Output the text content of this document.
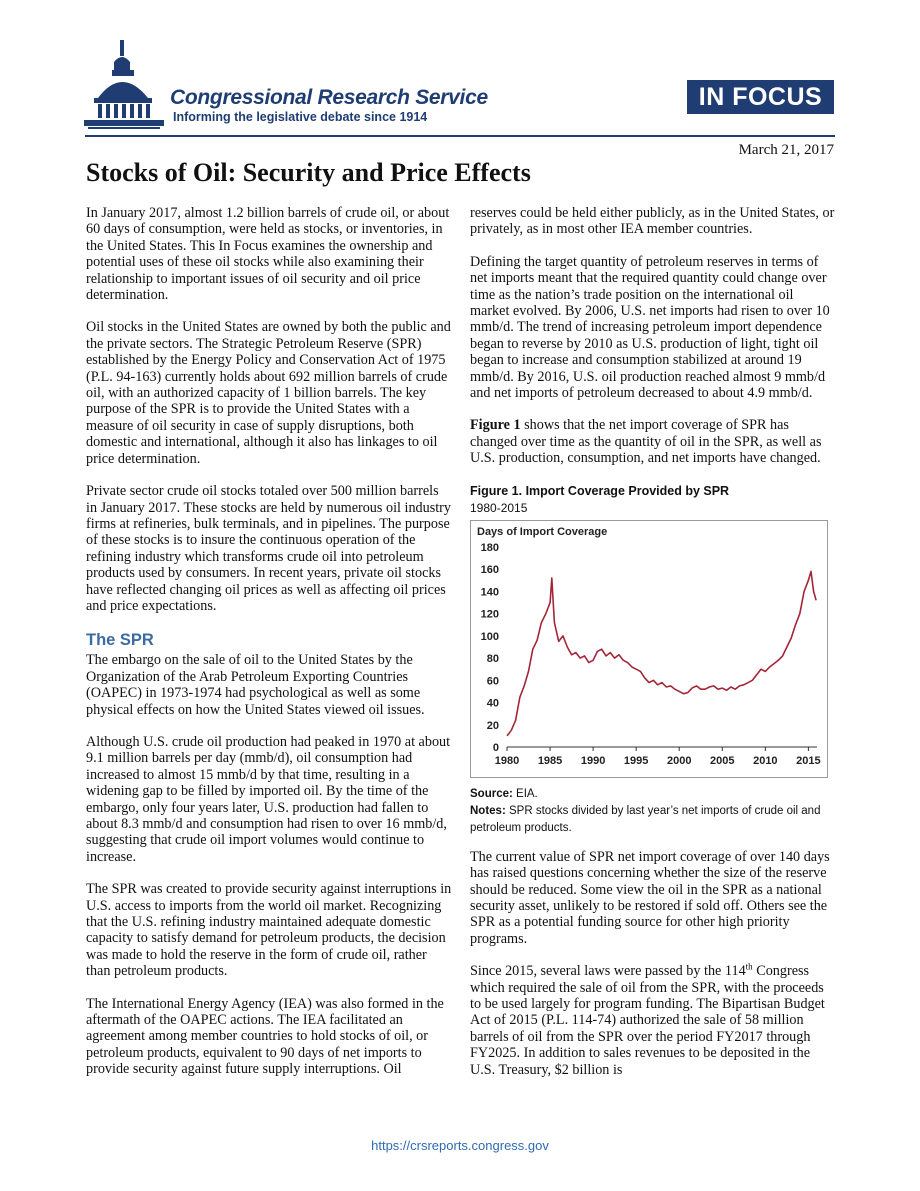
Congressional Research Service
Informing the legislative debate since 1914
IN FOCUS
March 21, 2017
Stocks of Oil: Security and Price Effects

In January 2017, almost 1.2 billion barrels of crude oil, or about 60 days of consumption, were held as stocks, or inventories, in the United States. This In Focus examines the ownership and potential uses of these oil stocks while also examining their relationship to important issues of oil security and oil price determination.

Oil stocks in the United States are owned by both the public and the private sectors. The Strategic Petroleum Reserve (SPR) established by the Energy Policy and Conservation Act of 1975 (P.L. 94-163) currently holds about 692 million barrels of crude oil, with an authorized capacity of 1 billion barrels. The key purpose of the SPR is to provide the United States with a measure of oil security in case of supply disruptions, both domestic and international, although it also has linkages to oil price determination.

Private sector crude oil stocks totaled over 500 million barrels in January 2017. These stocks are held by numerous oil industry firms at refineries, bulk terminals, and in pipelines. The purpose of these stocks is to insure the continuous operation of the refining industry which transforms crude oil into petroleum products used by consumers. In recent years, private oil stocks have reflected changing oil prices as well as affecting oil prices and price expectations.

The SPR

The embargo on the sale of oil to the United States by the Organization of the Arab Petroleum Exporting Countries (OAPEC) in 1973-1974 had psychological as well as some physical effects on how the United States viewed oil issues.

Although U.S. crude oil production had peaked in 1970 at about 9.1 million barrels per day (mmb/d), oil consumption had increased to almost 15 mmb/d by that time, resulting in a widening gap to be filled by imported oil. By the time of the embargo, only four years later, U.S. production had fallen to about 8.3 mmb/d and consumption had risen to over 16 mmb/d, suggesting that crude oil import volumes would continue to increase.

The SPR was created to provide security against interruptions in U.S. access to imports from the world oil market. Recognizing that the U.S. refining industry maintained adequate domestic capacity to satisfy demand for petroleum products, the decision was made to hold the reserve in the form of crude oil, rather than petroleum products.

The International Energy Agency (IEA) was also formed in the aftermath of the OAPEC actions. The IEA facilitated an agreement among member countries to hold stocks of oil, or petroleum products, equivalent to 90 days of net imports to provide security against future supply interruptions. Oil

reserves could be held either publicly, as in the United States, or privately, as in most other IEA member countries.

Defining the target quantity of petroleum reserves in terms of net imports meant that the required quantity could change over time as the nation’s trade position on the international oil market evolved. By 2006, U.S. net imports had risen to over 10 mmb/d. The trend of increasing petroleum import dependence began to reverse by 2010 as U.S. production of light, tight oil began to increase and consumption stabilized at around 19 mmb/d. By 2016, U.S. oil production reached almost 9 mmb/d and net imports of petroleum decreased to about 4.9 mmb/d.

Figure 1 shows that the net import coverage of SPR has changed over time as the quantity of oil in the SPR, as well as U.S. production, consumption, and net imports have changed.

Figure 1. Import Coverage Provided by SPR
1980-2015
Days of Import Coverage
0
20
40
60
80
100
120
140
160
180
1980 1985 1990 1995 2000 2005 2010 2015
Source: EIA.
Notes: SPR stocks divided by last year’s net imports of crude oil and petroleum products.

The current value of SPR net import coverage of over 140 days has raised questions concerning whether the size of the reserve should be reduced. Some view the oil in the SPR as a national security asset, unlikely to be restored if sold off. Others see the SPR as a potential funding source for other high priority programs.

Since 2015, several laws were passed by the 114th Congress which required the sale of oil from the SPR, with the proceeds to be used largely for program funding. The Bipartisan Budget Act of 2015 (P.L. 114-74) authorized the sale of 58 million barrels of oil from the SPR over the period FY2017 through FY2025. In addition to sales revenues to be deposited in the U.S. Treasury, $2 billion is

https://crsreports.congress.gov
